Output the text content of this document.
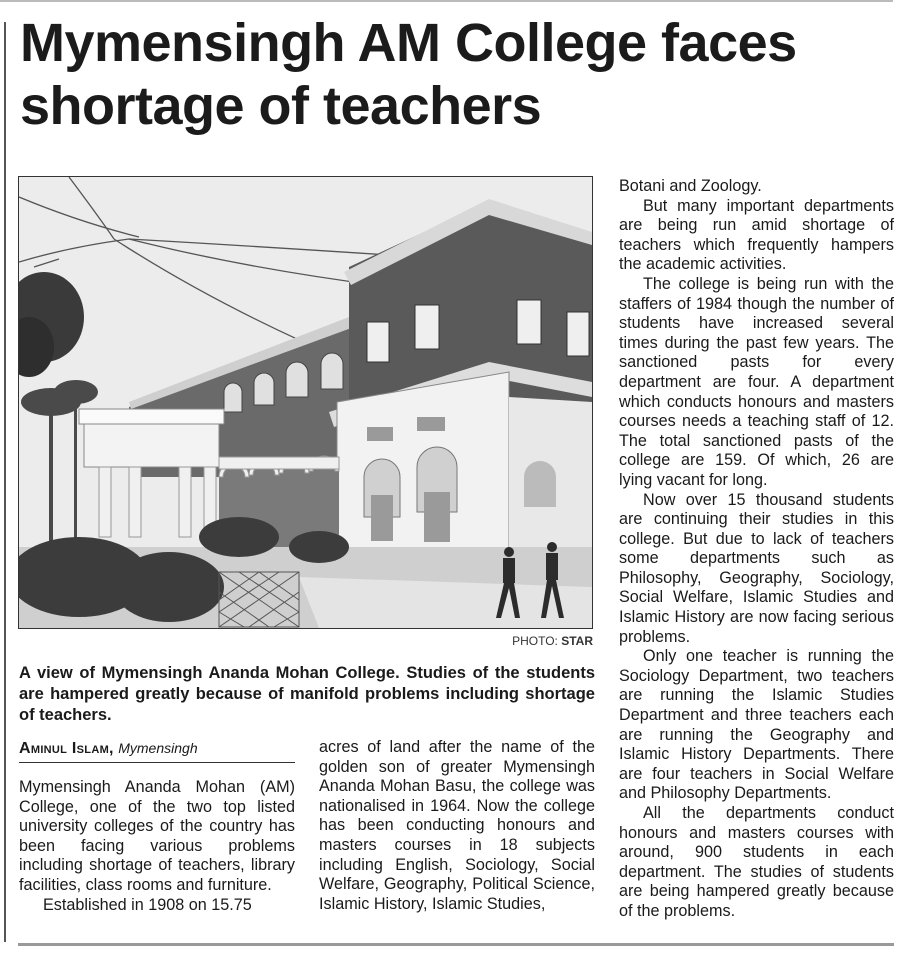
Mymensingh AM College faces shortage of teachers
PHOTO: STAR

A view of Mymensingh Ananda Mohan College. Studies of the students are hampered greatly because of manifold problems including shortage of teachers.

Aminul Islam, Mymensingh

Mymensingh Ananda Mohan (AM) College, one of the two top listed university colleges of the country has been facing various problems including shortage of teachers, library facilities, class rooms and furniture.

Established in 1908 on 15.75

acres of land after the name of the golden son of greater Mymensingh Ananda Mohan Basu, the college was nationalised in 1964. Now the college has been conducting honours and masters courses in 18 subjects including English, Sociology, Social Welfare, Geography, Political Science, Islamic History, Islamic Studies,

Botani and Zoology.

But many important departments are being run amid shortage of teachers which frequently hampers the academic activities.

The college is being run with the staffers of 1984 though the number of students have increased several times during the past few years. The sanctioned pasts for every department are four. A department which conducts honours and masters courses needs a teaching staff of 12. The total sanctioned pasts of the college are 159. Of which, 26 are lying vacant for long.

Now over 15 thousand students are continuing their studies in this college. But due to lack of teachers some departments such as Philosophy, Geography, Sociology, Social Welfare, Islamic Studies and Islamic History are now facing serious problems.

Only one teacher is running the Sociology Department, two teachers are running the Islamic Studies Department and three teachers each are running the Geography and Islamic History Departments. There are four teachers in Social Welfare and Philosophy Departments.

All the departments conduct honours and masters courses with around, 900 students in each department. The studies of students are being hampered greatly because of the problems.
